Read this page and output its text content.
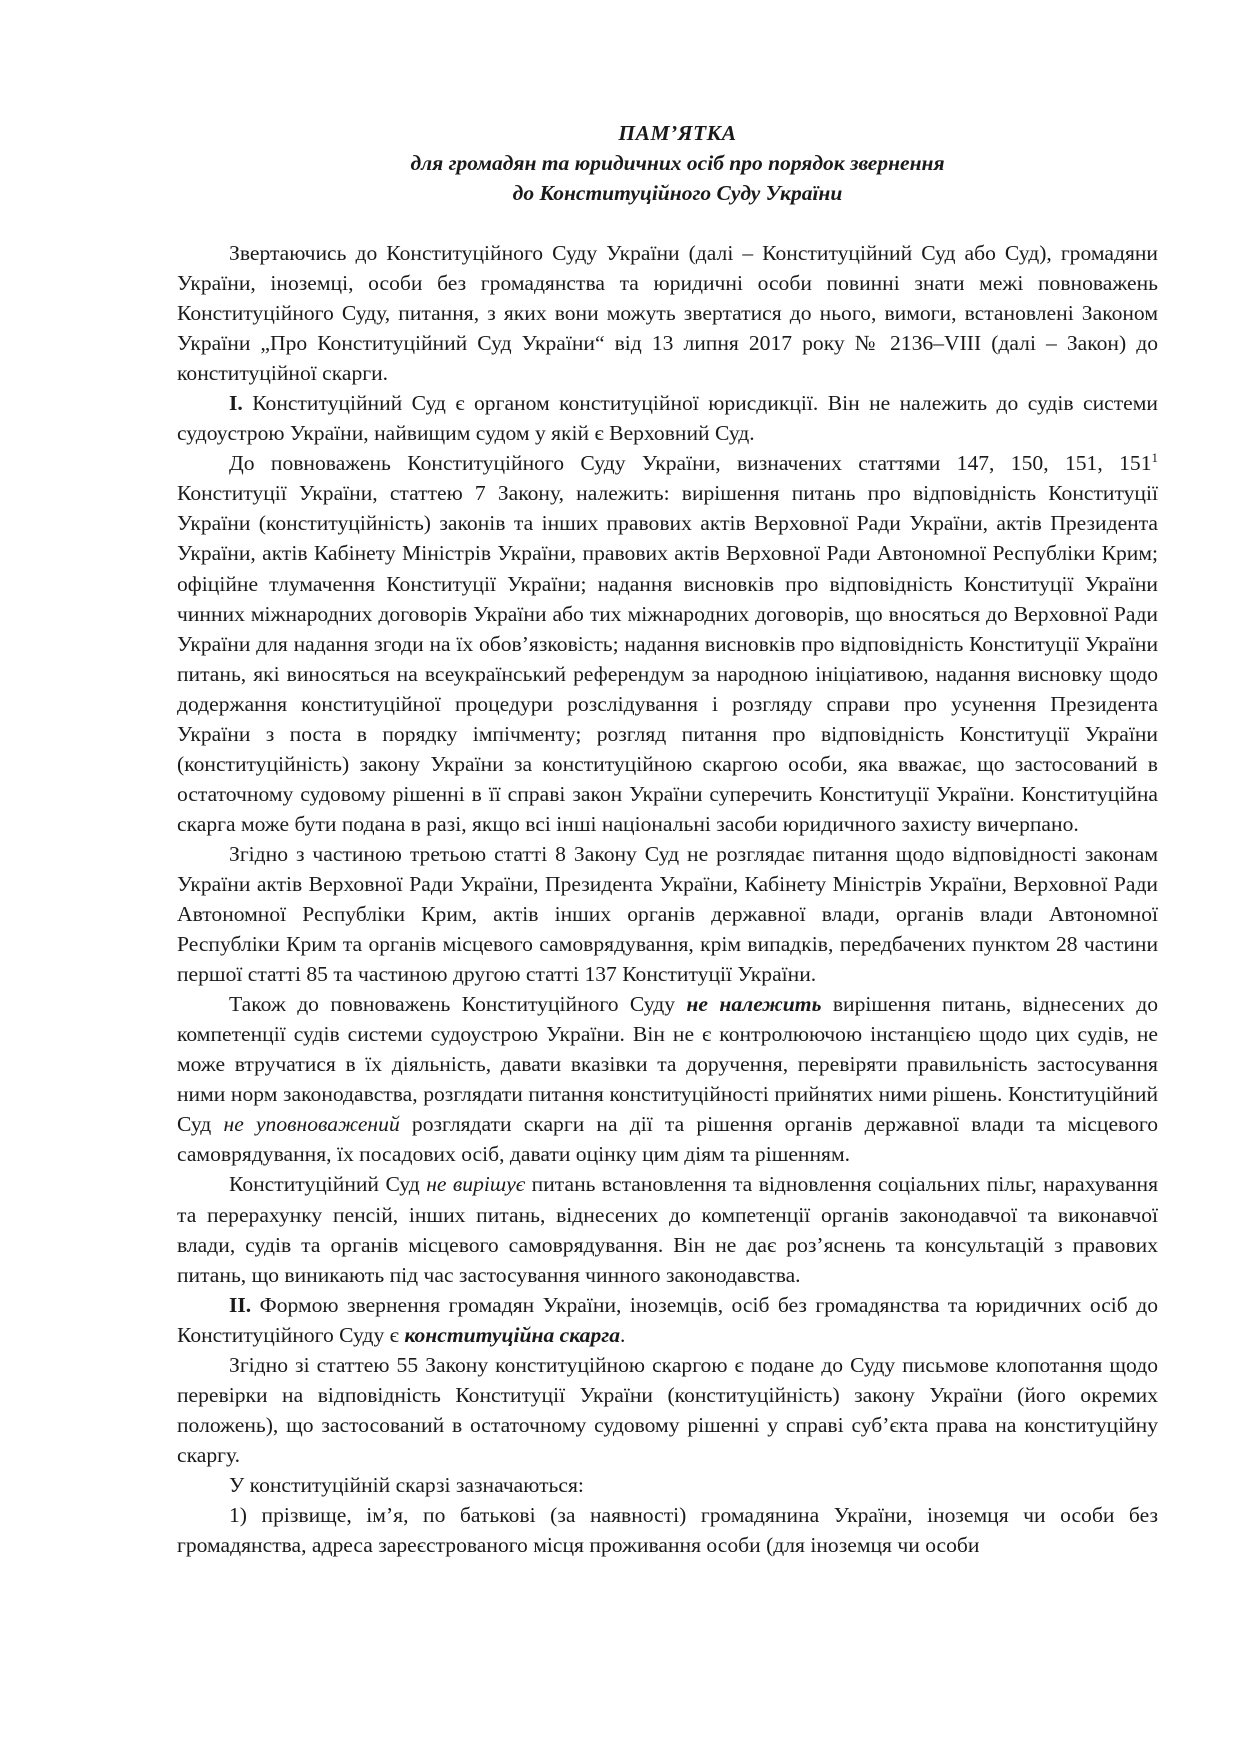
ПАМ’ЯТКА
для громадян та юридичних осіб про порядок звернення
до Конституційного Суду України

Звертаючись до Конституційного Суду України (далі – Конституційний Суд або Суд), громадяни України, іноземці, особи без громадянства та юридичні особи повинні знати межі повноважень Конституційного Суду, питання, з яких вони можуть звертатися до нього, вимоги, встановлені Законом України „Про Конституційний Суд України“ від 13 липня 2017 року № 2136–VIII (далі – Закон) до конституційної скарги.

І. Конституційний Суд є органом конституційної юрисдикції. Він не належить до судів системи судоустрою України, найвищим судом у якій є Верховний Суд.

До повноважень Конституційного Суду України, визначених статтями 147, 150, 151, $151^1$ Конституції України, статтею 7 Закону, належить: вирішення питань про відповідність Конституції України (конституційність) законів та інших правових актів Верховної Ради України, актів Президента України, актів Кабінету Міністрів України, правових актів Верховної Ради Автономної Республіки Крим; офіційне тлумачення Конституції України; надання висновків про відповідність Конституції України чинних міжнародних договорів України або тих міжнародних договорів, що вносяться до Верховної Ради України для надання згоди на їх обов’язковість; надання висновків про відповідність Конституції України питань, які виносяться на всеукраїнський референдум за народною ініціативою, надання висновку щодо додержання конституційної процедури розслідування і розгляду справи про усунення Президента України з поста в порядку імпічменту; розгляд питання про відповідність Конституції України (конституційність) закону України за конституційною скаргою особи, яка вважає, що застосований в остаточному судовому рішенні в її справі закон України суперечить Конституції України. Конституційна скарга може бути подана в разі, якщо всі інші національні засоби юридичного захисту вичерпано.

Згідно з частиною третьою статті 8 Закону Суд не розглядає питання щодо відповідності законам України актів Верховної Ради України, Президента України, Кабінету Міністрів України, Верховної Ради Автономної Республіки Крим, актів інших органів державної влади, органів влади Автономної Республіки Крим та органів місцевого самоврядування, крім випадків, передбачених пунктом 28 частини першої статті 85 та частиною другою статті 137 Конституції України.

Також до повноважень Конституційного Суду не належить вирішення питань, віднесених до компетенції судів системи судоустрою України. Він не є контролюючою інстанцією щодо цих судів, не може втручатися в їх діяльність, давати вказівки та доручення, перевіряти правильність застосування ними норм законодавства, розглядати питання конституційності прийнятих ними рішень. Конституційний Суд не уповноважений розглядати скарги на дії та рішення органів державної влади та місцевого самоврядування, їх посадових осіб, давати оцінку цим діям та рішенням.

Конституційний Суд не вирішує питань встановлення та відновлення соціальних пільг, нарахування та перерахунку пенсій, інших питань, віднесених до компетенції органів законодавчої та виконавчої влади, судів та органів місцевого самоврядування. Він не дає роз’яснень та консультацій з правових питань, що виникають під час застосування чинного законодавства.

ІІ. Формою звернення громадян України, іноземців, осіб без громадянства та юридичних осіб до Конституційного Суду є конституційна скарга.

Згідно зі статтею 55 Закону конституційною скаргою є подане до Суду письмове клопотання щодо перевірки на відповідність Конституції України (конституційність) закону України (його окремих положень), що застосований в остаточному судовому рішенні у справі суб’єкта права на конституційну скаргу.

У конституційній скарзі зазначаються:

1) прізвище, ім’я, по батькові (за наявності) громадянина України, іноземця чи особи без громадянства, адреса зареєстрованого місця проживання особи (для іноземця чи особи
